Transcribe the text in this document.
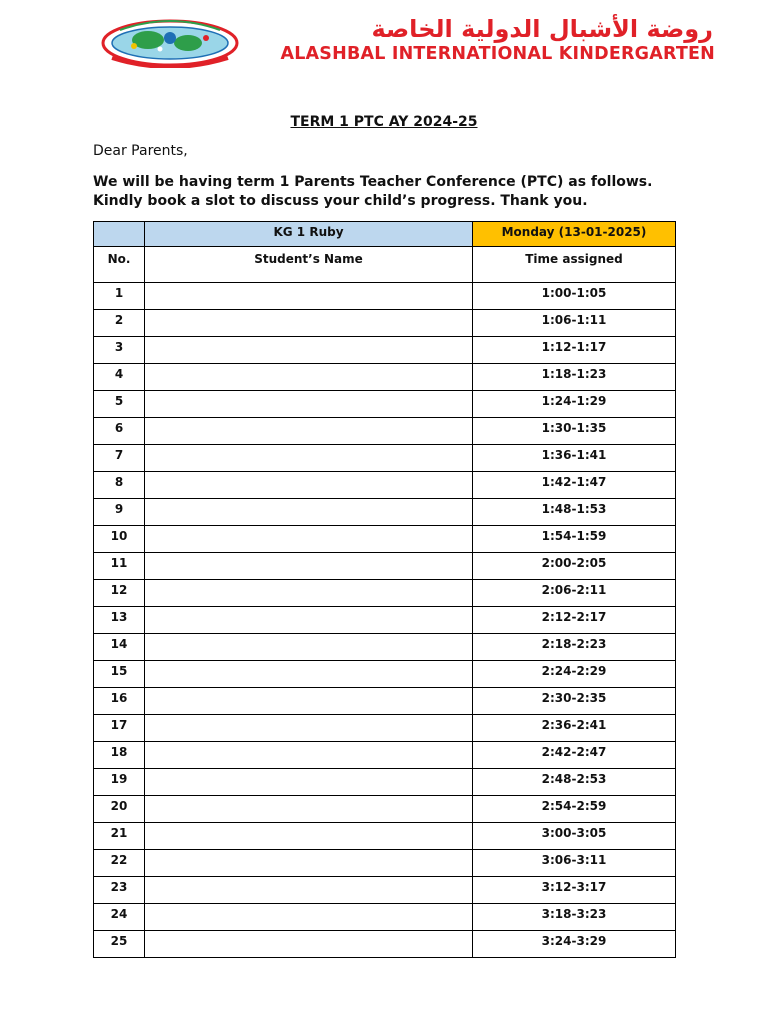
روضة الأشبال الدولية الخاصة
ALASHBAL INTERNATIONAL KINDERGARTEN
TERM 1 PTC AY 2024-25
Dear Parents,
We will be having term 1 Parents Teacher Conference (PTC) as follows. Kindly book a slot to discuss your child’s progress. Thank you.
	KG 1 Ruby	Monday (13-01-2025)
No.	Student’s Name	Time assigned
1		1:00-1:05
2		1:06-1:11
3		1:12-1:17
4		1:18-1:23
5		1:24-1:29
6		1:30-1:35
7		1:36-1:41
8		1:42-1:47
9		1:48-1:53
10		1:54-1:59
11		2:00-2:05
12		2:06-2:11
13		2:12-2:17
14		2:18-2:23
15		2:24-2:29
16		2:30-2:35
17		2:36-2:41
18		2:42-2:47
19		2:48-2:53
20		2:54-2:59
21		3:00-3:05
22		3:06-3:11
23		3:12-3:17
24		3:18-3:23
25		3:24-3:29
